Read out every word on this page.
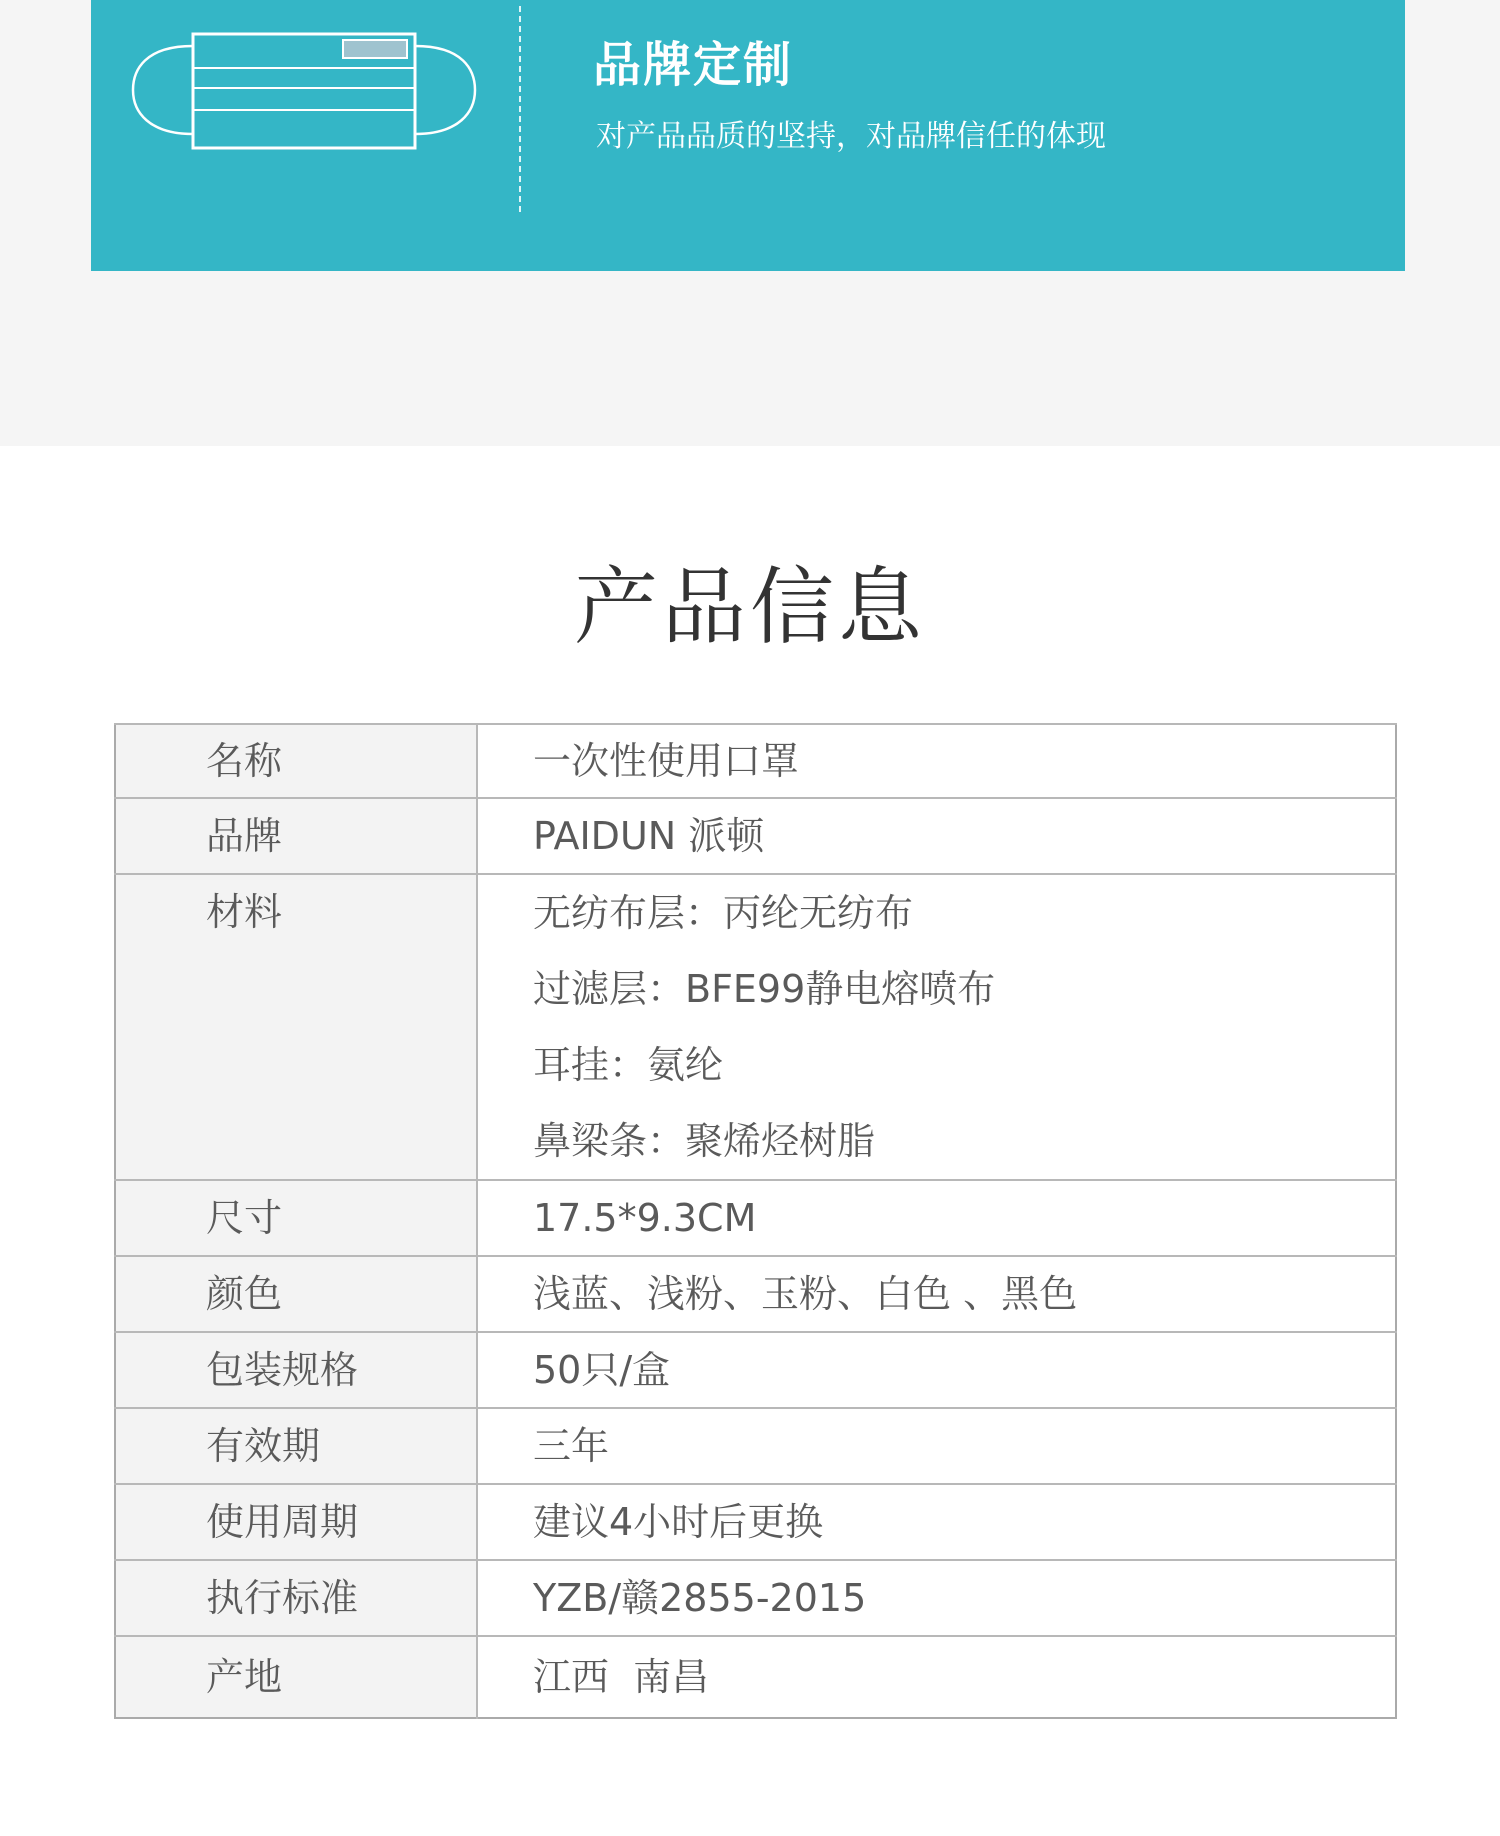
品牌定制
对产品品质的坚持，对品牌信任的体现
产品信息
名称	一次性使用口罩

品牌	PAIDUN 派顿

材料	无纺布层：丙纶无纺布
过滤层：BFE99静电熔喷布
耳挂：氨纶
鼻梁条：聚烯烃树脂

尺寸	17.5*9.3CM

颜色	浅蓝、浅粉、玉粉、白色 、黑色

包装规格	50只/盒

有效期	三年

使用周期	建议4小时后更换

执行标准	YZB/赣2855-2015

产地	江西  南昌
